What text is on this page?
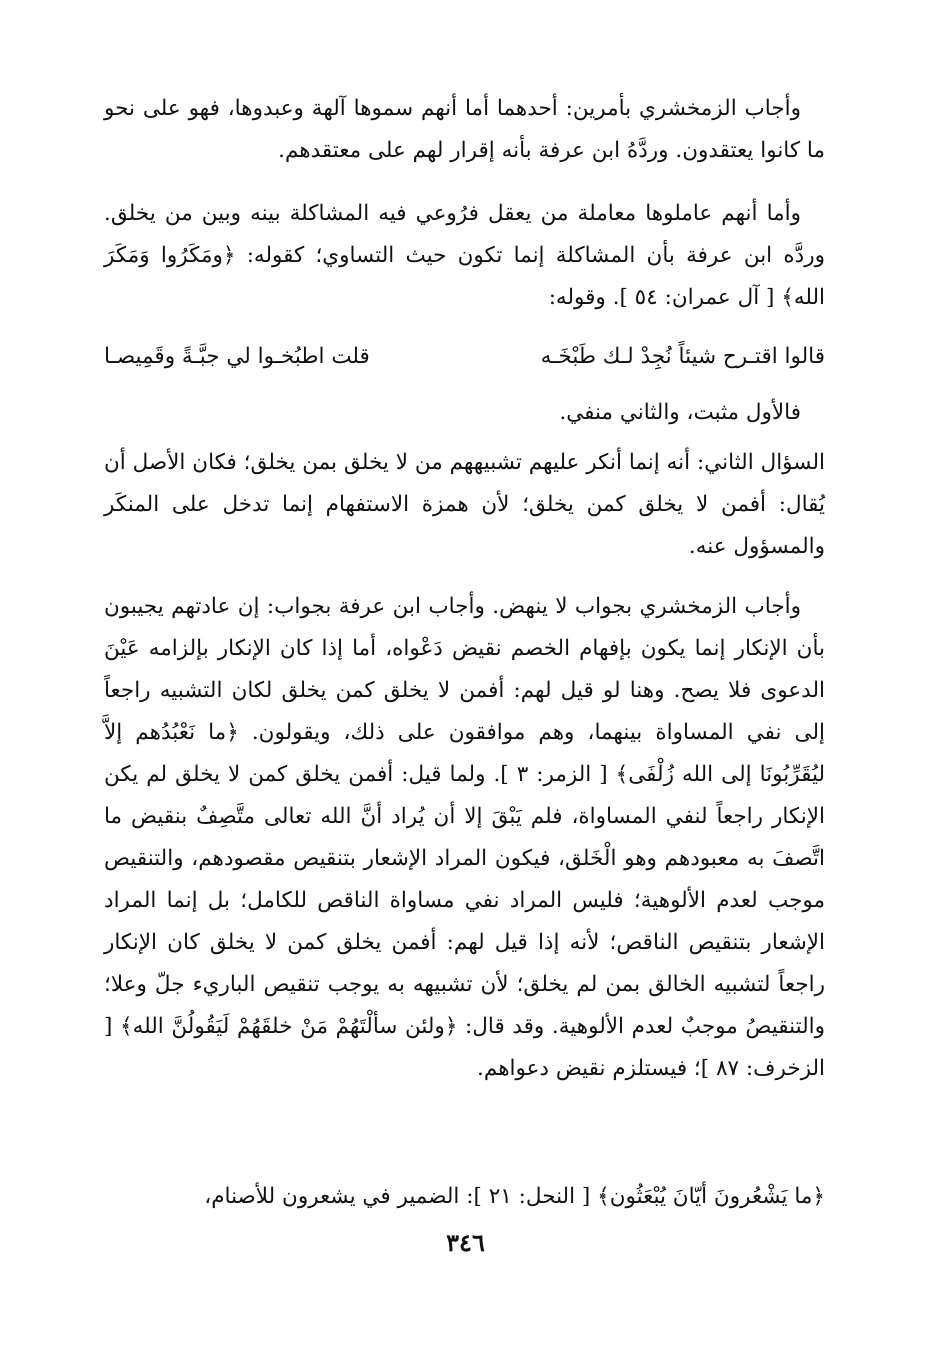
وأجاب الزمخشري بأمرين: أحدهما أما أنهم سموها آلهة وعبدوها، فهو على نحو ما كانوا يعتقدون. وردَّهُ ابن عرفة بأنه إقرار لهم على معتقدهم.

وأما أنهم عاملوها معاملة من يعقل فرُوعي فيه المشاكلة بينه وبين من يخلق. وردَّه ابن عرفة بأن المشاكلة إنما تكون حيث التساوي؛ كقوله: ﴿ومَكَرُوا وَمَكَرَ الله﴾ [ آل عمران: ٥٤ ]. وقوله:

قالوا اقتـرح شيئاً نُجِدْ لـك طَبْخَـه
قلت اطبُخـوا لي جبَّـةً وقَمِيصـا

فالأول مثبت، والثاني منفي.

السؤال الثاني: أنه إنما أنكر عليهم تشبيههم من لا يخلق بمن يخلق؛ فكان الأصل أن يُقال: أفمن لا يخلق كمن يخلق؛ لأن همزة الاستفهام إنما تدخل على المنكَر والمسؤول عنه.

وأجاب الزمخشري بجواب لا ينهض. وأجاب ابن عرفة بجواب: إن عادتهم يجيبون بأن الإنكار إنما يكون بإفهام الخصم نقيض دَعْواه، أما إذا كان الإنكار بإلزامه عَيْنَ الدعوى فلا يصح. وهنا لو قيل لهم: أفمن لا يخلق كمن يخلق لكان التشبيه راجعاً إلى نفي المساواة بينهما، وهم موافقون على ذلك، ويقولون. ﴿ما نَعْبُدُهم إلاَّ ليُقَرِّبُونَا إلى الله زُلْفَى﴾ [ الزمر: ٣ ]. ولما قيل: أفمن يخلق كمن لا يخلق لم يكن الإنكار راجعاً لنفي المساواة، فلم يَبْقَ إلا أن يُراد أنَّ الله تعالى متَّصِفٌ بنقيض ما اتَّصفَ به معبودهم وهو الْخَلق، فيكون المراد الإشعار بتنقيص مقصودهم، والتنقيص موجب لعدم الألوهية؛ فليس المراد نفي مساواة الناقص للكامل؛ بل إنما المراد الإشعار بتنقيص الناقص؛ لأنه إذا قيل لهم: أفمن يخلق كمن لا يخلق كان الإنكار راجعاً لتشبيه الخالق بمن لم يخلق؛ لأن تشبيهه به يوجب تنقيص الباريء جلّ وعلا؛ والتنقيصُ موجبٌ لعدم الألوهية. وقد قال: ﴿ولئن سألْتَهُمْ مَنْ خلقَهُمْ لَيَقُولُنَّ الله﴾ [ الزخرف: ٨٧ ]؛ فيستلزم نقيض دعواهم.

﴿ما يَشْعُرونَ أيّانَ يُبْعَثُون﴾ [ النحل: ٢١ ]: الضمير في يشعرون للأصنام،

٣٤٦
